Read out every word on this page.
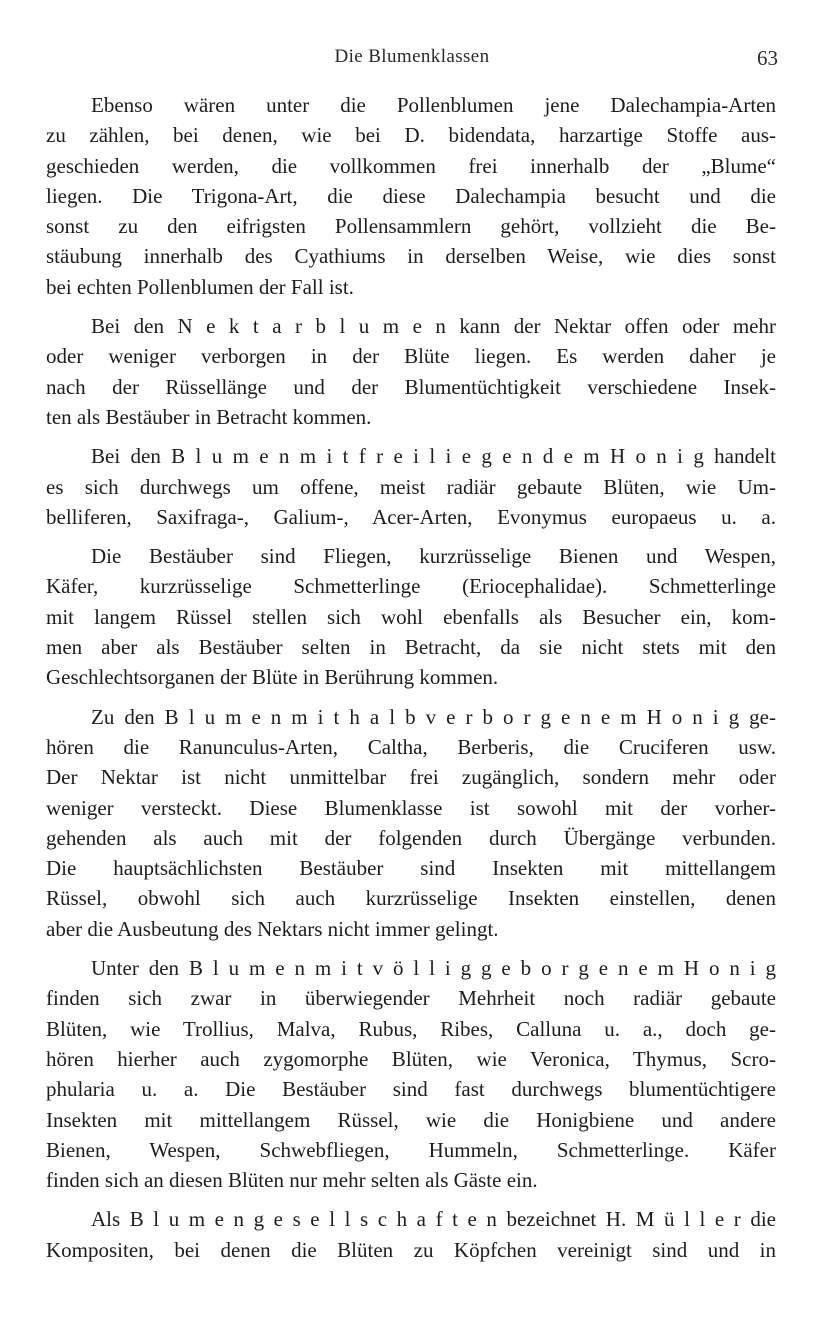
Die Blumenklassen	63
Ebenso wären unter die Pollenblumen jene Dalechampia-Arten
zu zählen, bei denen, wie bei D. bidendata, harzartige Stoffe aus-
geschieden werden, die vollkommen frei innerhalb der „Blume“
liegen. Die Trigona-Art, die diese Dalechampia besucht und die
sonst zu den eifrigsten Pollensammlern gehört, vollzieht die Be-
stäubung innerhalb des Cyathiums in derselben Weise, wie dies sonst
bei echten Pollenblumen der Fall ist.
Bei den N e k t a r b l u m e n kann der Nektar offen oder mehr
oder weniger verborgen in der Blüte liegen. Es werden daher je
nach der Rüssellänge und der Blumentüchtigkeit verschiedene Insek-
ten als Bestäuber in Betracht kommen.
Bei den B l u m e n m i t f r e i l i e g e n d e m H o n i g handelt
es sich durchwegs um offene, meist radiär gebaute Blüten, wie Um-
belliferen, Saxifraga-, Galium-, Acer-Arten, Evonymus europaeus u. a.
Die Bestäuber sind Fliegen, kurzrüsselige Bienen und Wespen,
Käfer, kurzrüsselige Schmetterlinge (Eriocephalidae). Schmetterlinge
mit langem Rüssel stellen sich wohl ebenfalls als Besucher ein, kom-
men aber als Bestäuber selten in Betracht, da sie nicht stets mit den
Geschlechtsorganen der Blüte in Berührung kommen.
Zu den B l u m e n m i t h a l b v e r b o r g e n e m H o n i g ge-
hören die Ranunculus-Arten, Caltha, Berberis, die Cruciferen usw.
Der Nektar ist nicht unmittelbar frei zugänglich, sondern mehr oder
weniger versteckt. Diese Blumenklasse ist sowohl mit der vorher-
gehenden als auch mit der folgenden durch Übergänge verbunden.
Die hauptsächlichsten Bestäuber sind Insekten mit mittellangem
Rüssel, obwohl sich auch kurzrüsselige Insekten einstellen, denen
aber die Ausbeutung des Nektars nicht immer gelingt.
Unter den B l u m e n m i t v ö l l i g g e b o r g e n e m H o n i g
finden sich zwar in überwiegender Mehrheit noch radiär gebaute
Blüten, wie Trollius, Malva, Rubus, Ribes, Calluna u. a., doch ge-
hören hierher auch zygomorphe Blüten, wie Veronica, Thymus, Scro-
phularia u. a. Die Bestäuber sind fast durchwegs blumentüchtigere
Insekten mit mittellangem Rüssel, wie die Honigbiene und andere
Bienen, Wespen, Schwebfliegen, Hummeln, Schmetterlinge. Käfer
finden sich an diesen Blüten nur mehr selten als Gäste ein.
Als B l u m e n g e s e l l s c h a f t e n bezeichnet H. M ü l l e r die
Kompositen, bei denen die Blüten zu Köpfchen vereinigt sind und in
